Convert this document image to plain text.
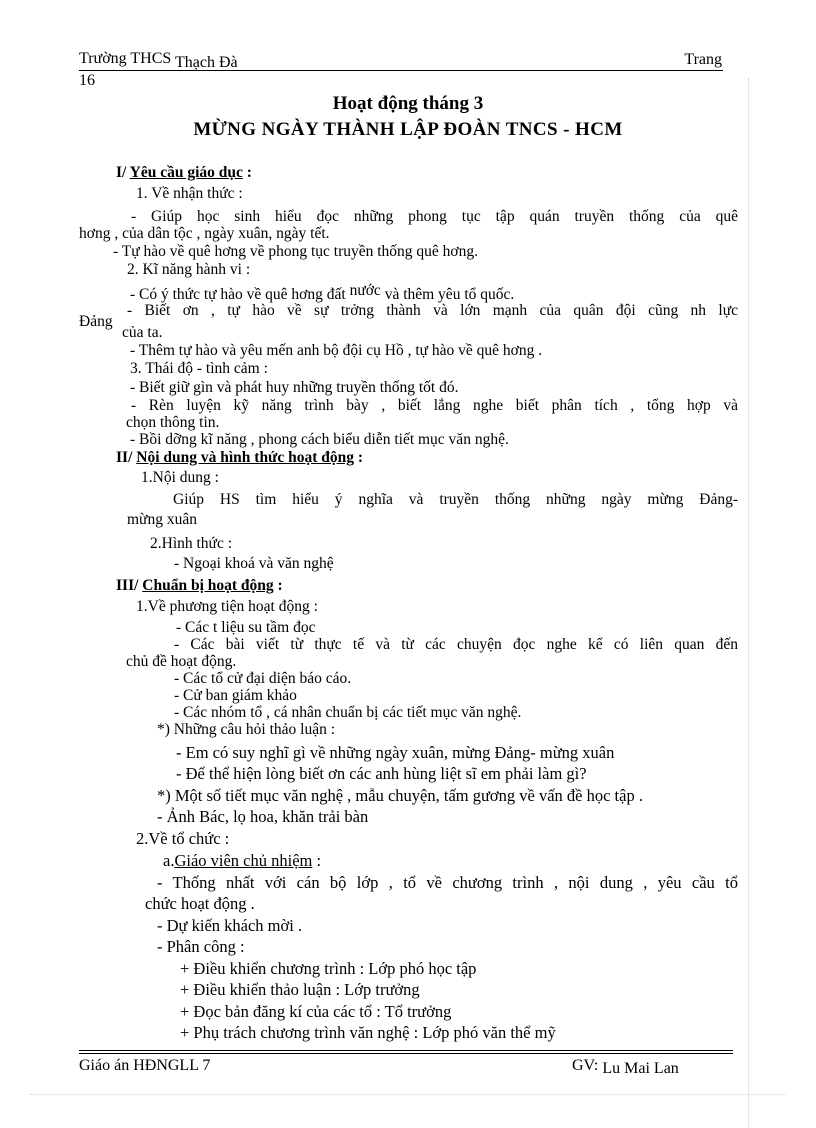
Trường THCS Thạch Đà	Trang
16
Hoạt động tháng 3
MỪNG NGÀY THÀNH LẬP ĐOÀN TNCS - HCM
I/ Yêu cầu giáo dục :
1. Về nhận thức :
- Giúp học sinh hiểu đọc những phong tục tập quán truyền thống của quê
hơng , của dân tộc , ngày xuân, ngày tết.
- Tự hào về quê hơng về phong tục truyền thống quê hơng.
2. Kĩ năng hành vi :
- Có ý thức tự hào về quê hơng đất nước và thêm yêu tổ quốc.
- Biết ơn , tự hào về sự trởng thành và lớn mạnh của quân đội cũng nh lực
Đảng
của ta.
- Thêm tự hào và yêu mến anh bộ đội cụ Hồ , tự hào về quê hơng .
3. Thái độ - tình cảm :
- Biết giữ gìn và phát huy những truyền thống tốt đó.
- Rèn luyện kỹ năng trình bày , biết lắng nghe biết phân tích , tổng hợp và
chọn thông tin.
- Bồi dỡng kĩ năng , phong cách biểu diễn tiết mục văn nghệ.
II/ Nội dung và hình thức hoạt động :
1.Nội dung :
Giúp HS tìm hiểu ý nghĩa và truyền thống những ngày mừng Đảng-
mừng xuân
2.Hình thức :
- Ngoại khoá và văn nghệ
III/ Chuẩn bị hoạt động :
1.Về phương tiện hoạt động :
- Các t liệu su tầm đọc
- Các bài viết từ thực tế và từ các chuyện đọc nghe kể có liên quan đến
chủ đề hoạt động.
- Các tổ cử đại diện báo cáo.
- Cử ban giám khảo
- Các nhóm tổ , cá nhân chuẩn bị các tiết mục văn nghệ.
*) Những câu hỏi thảo luận :
- Em có suy nghĩ gì về những ngày xuân, mừng Đảng- mừng xuân
- Để thể hiện lòng biết ơn các anh hùng liệt sĩ em phải làm gì?
*) Một số tiết mục văn nghệ , mẫu chuyện, tấm gương về vấn đề học tập .
- Ảnh Bác, lọ hoa, khăn trải bàn
2.Về tổ chức :
a.Giáo viên chủ nhiệm :
- Thống nhất với cán bộ lớp , tổ về chương trình , nội dung , yêu cầu tổ
chức hoạt động .
- Dự kiến khách mời .
- Phân công :
+ Điều khiển chương trình : Lớp phó học tập
+ Điều khiển thảo luận : Lớp trưởng
+ Đọc bản đăng kí của các tổ : Tổ trưởng
+ Phụ trách chương trình văn nghệ : Lớp phó văn thể mỹ
Giáo án HĐNGLL 7	GV: Lu Mai Lan
